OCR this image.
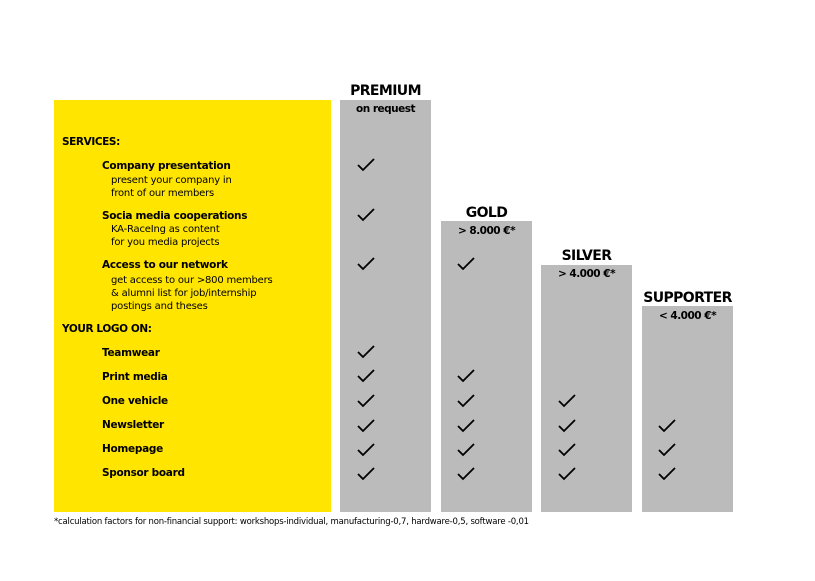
SERVICES:
Company presentation
present your company in
front of our members
Socia media cooperations
KA-RaceIng as content
for you media projects
Access to our network
get access to our >800 members
& alumni list for job/internship
postings and theses
YOUR LOGO ON:
Teamwear
Print media
One vehicle
Newsletter
Homepage
Sponsor board
PREMIUM
on request
GOLD
> 8.000 €*
SILVER
> 4.000 €*
SUPPORTER
< 4.000 €*
*calculation factors for non-financial support: workshops-individual, manufacturing-0,7, hardware-0,5, software -0,01
